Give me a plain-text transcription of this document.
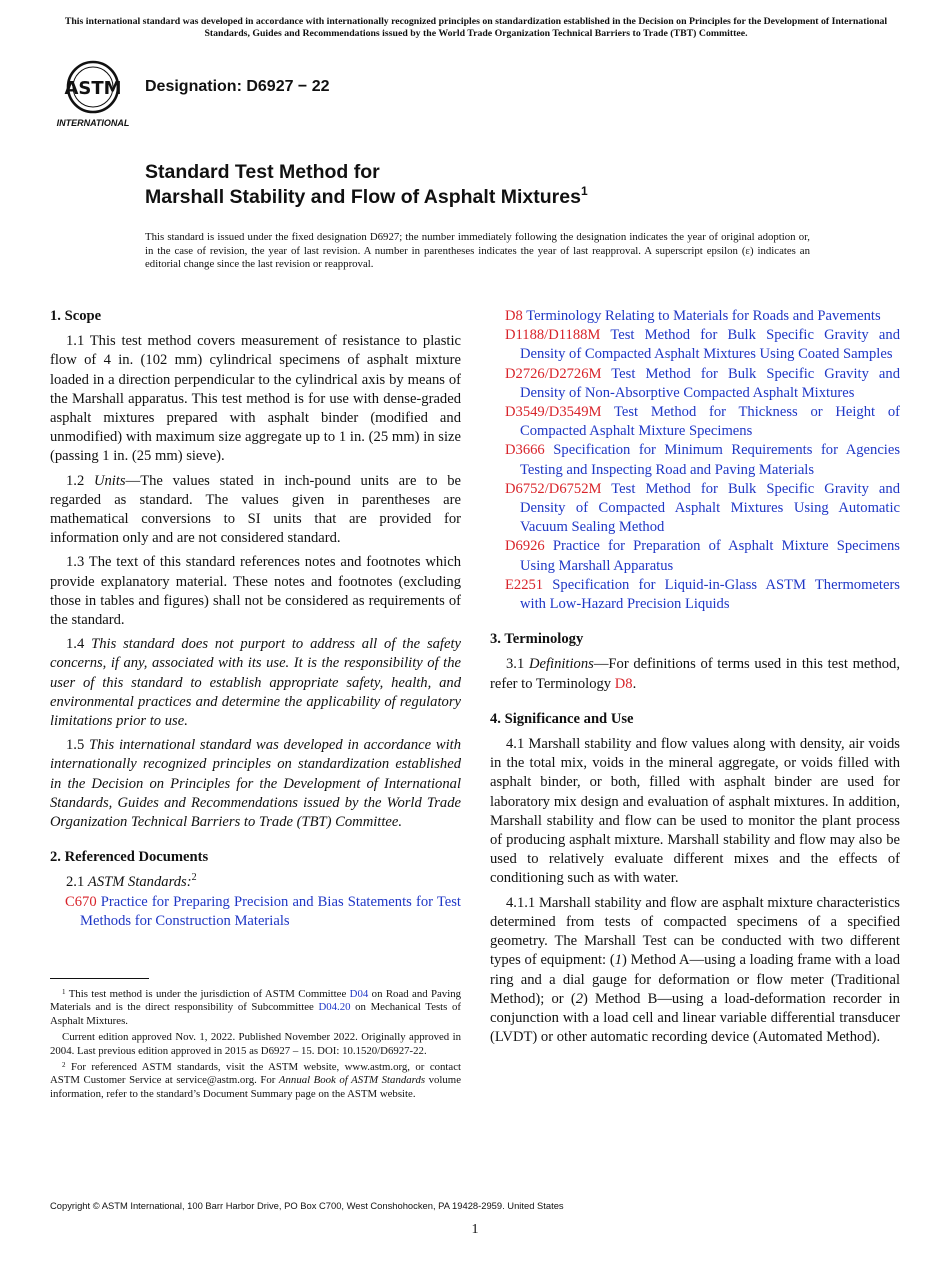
This international standard was developed in accordance with internationally recognized principles on standardization established in the Decision on Principles for the Development of International Standards, Guides and Recommendations issued by the World Trade Organization Technical Barriers to Trade (TBT) Committee.
ASTM
INTERNATIONAL
Designation: D6927 − 22
Standard Test Method for
Marshall Stability and Flow of Asphalt Mixtures$^1$
This standard is issued under the fixed designation D6927; the number immediately following the designation indicates the year of original adoption or, in the case of revision, the year of last revision. A number in parentheses indicates the year of last reapproval. A superscript epsilon (ε) indicates an editorial change since the last revision or reapproval.
1. Scope

1.1 This test method covers measurement of resistance to plastic flow of 4 in. (102 mm) cylindrical specimens of asphalt mixture loaded in a direction perpendicular to the cylindrical axis by means of the Marshall apparatus. This test method is for use with dense-graded asphalt mixtures prepared with asphalt binder (modified and unmodified) with maximum size aggregate up to 1 in. (25 mm) in size (passing 1 in. (25 mm) sieve).

1.2 Units—The values stated in inch-pound units are to be regarded as standard. The values given in parentheses are mathematical conversions to SI units that are provided for information only and are not considered standard.

1.3 The text of this standard references notes and footnotes which provide explanatory material. These notes and footnotes (excluding those in tables and figures) shall not be considered as requirements of the standard.

1.4 This standard does not purport to address all of the safety concerns, if any, associated with its use. It is the responsibility of the user of this standard to establish appropriate safety, health, and environmental practices and determine the applicability of regulatory limitations prior to use.

1.5 This international standard was developed in accordance with internationally recognized principles on standardization established in the Decision on Principles for the Development of International Standards, Guides and Recommendations issued by the World Trade Organization Technical Barriers to Trade (TBT) Committee.

2. Referenced Documents

2.1 ASTM Standards:$^2$

C670 Practice for Preparing Precision and Bias Statements for Test Methods for Construction Materials

$^1$ This test method is under the jurisdiction of ASTM Committee D04 on Road and Paving Materials and is the direct responsibility of Subcommittee D04.20 on Mechanical Tests of Asphalt Mixtures.

Current edition approved Nov. 1, 2022. Published November 2022. Originally approved in 2004. Last previous edition approved in 2015 as D6927 – 15. DOI: 10.1520/D6927-22.

$^2$ For referenced ASTM standards, visit the ASTM website, www.astm.org, or contact ASTM Customer Service at service@astm.org. For Annual Book of ASTM Standards volume information, refer to the standard’s Document Summary page on the ASTM website.

D8 Terminology Relating to Materials for Roads and Pavements

D1188/D1188M Test Method for Bulk Specific Gravity and Density of Compacted Asphalt Mixtures Using Coated Samples

D2726/D2726M Test Method for Bulk Specific Gravity and Density of Non-Absorptive Compacted Asphalt Mixtures

D3549/D3549M Test Method for Thickness or Height of Compacted Asphalt Mixture Specimens

D3666 Specification for Minimum Requirements for Agencies Testing and Inspecting Road and Paving Materials

D6752/D6752M Test Method for Bulk Specific Gravity and Density of Compacted Asphalt Mixtures Using Automatic Vacuum Sealing Method

D6926 Practice for Preparation of Asphalt Mixture Specimens Using Marshall Apparatus

E2251 Specification for Liquid-in-Glass ASTM Thermometers with Low-Hazard Precision Liquids

3. Terminology

3.1 Definitions—For definitions of terms used in this test method, refer to Terminology D8.

4. Significance and Use

4.1 Marshall stability and flow values along with density, air voids in the total mix, voids in the mineral aggregate, or voids filled with asphalt binder, or both, filled with asphalt binder are used for laboratory mix design and evaluation of asphalt mixtures. In addition, Marshall stability and flow can be used to monitor the plant process of producing asphalt mixture. Marshall stability and flow may also be used to relatively evaluate different mixes and the effects of conditioning such as with water.

4.1.1 Marshall stability and flow are asphalt mixture characteristics determined from tests of compacted specimens of a specified geometry. The Marshall Test can be conducted with two different types of equipment: (1) Method A—using a loading frame with a load ring and a dial gauge for deformation or flow meter (Traditional Method); or (2) Method B—using a load-deformation recorder in conjunction with a load cell and linear variable differential transducer (LVDT) or other automatic recording device (Automated Method).

Copyright © ASTM International, 100 Barr Harbor Drive, PO Box C700, West Conshohocken, PA 19428-2959. United States
1
